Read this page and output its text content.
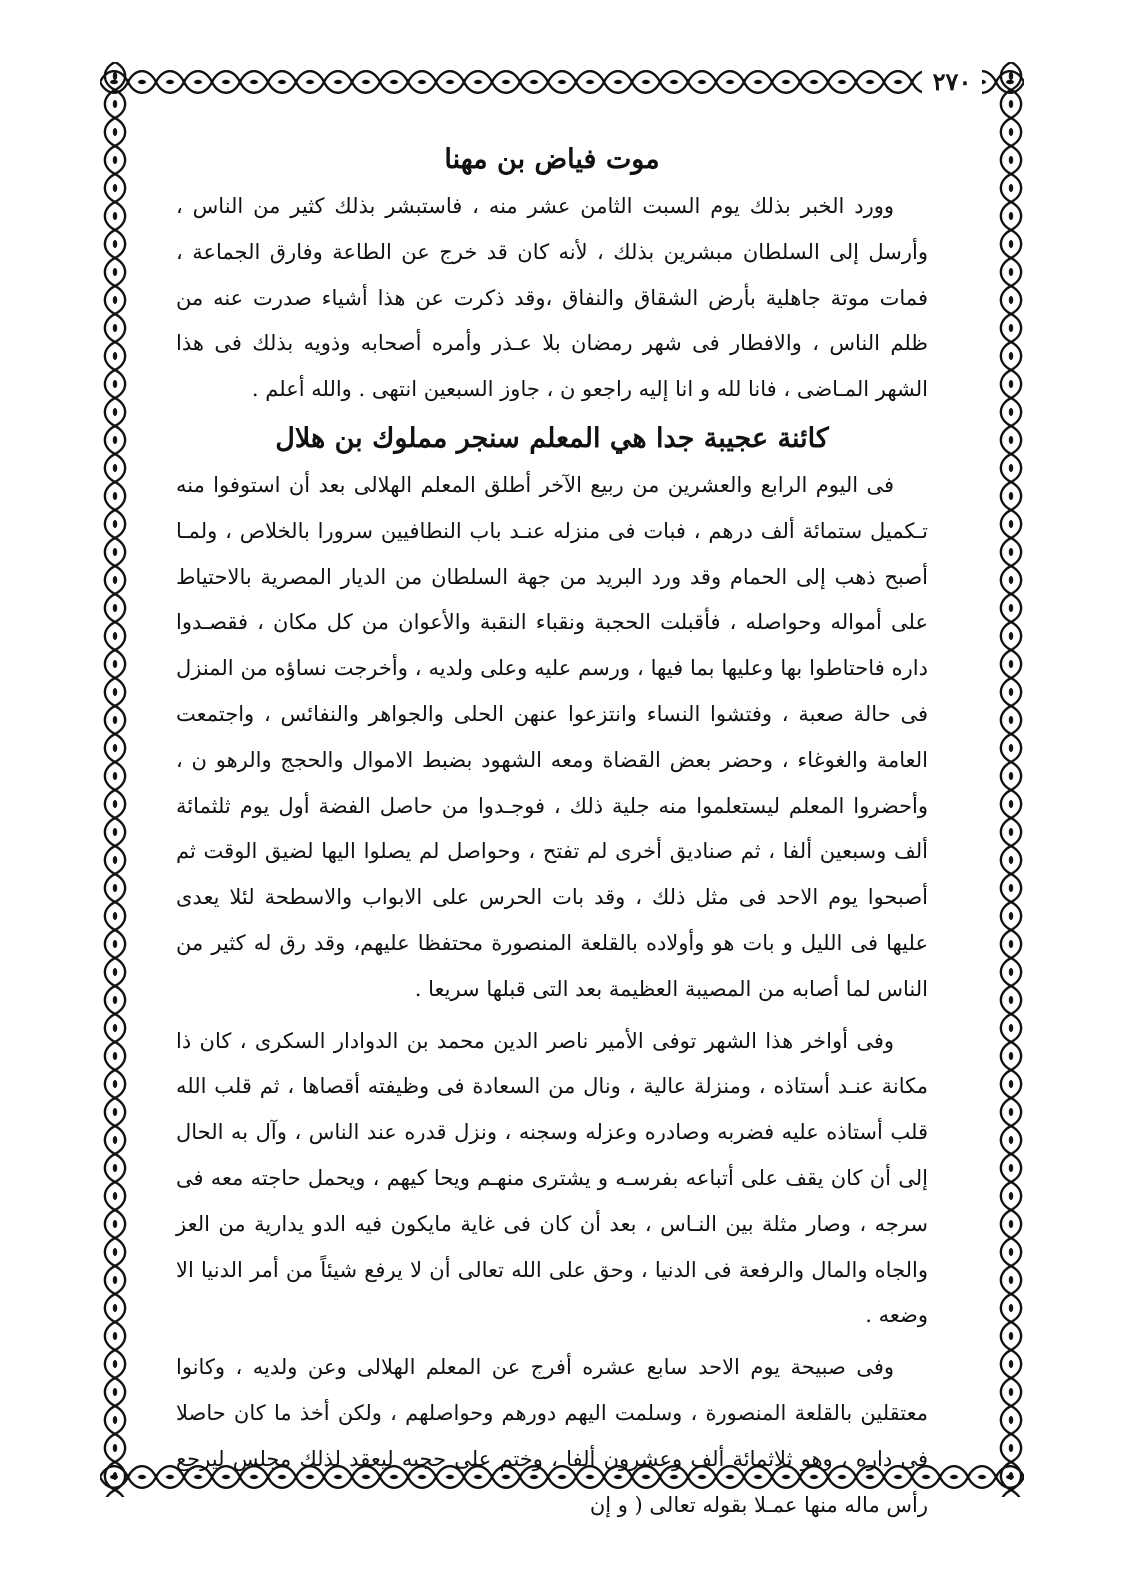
٢٧٠
موت فياض بن مهنا

وورد الخبر بذلك يوم السبت الثامن عشر منه ، فاستبشر بذلك كثير من الناس ، وأرسل إلى السلطان مبشرين بذلك ، لأنه كان قد خرج عن الطاعة وفارق الجماعة ، فمات موتة جاهلية بأرض الشقاق والنفاق ،وقد ذكرت عن هذا أشياء صدرت عنه من ظلم الناس ، والافطار فى شهر رمضان بلا عـذر وأمره أصحابه وذويه بذلك فى هذا الشهر المـاضى ، فانا لله و انا إليه راجعو ن ، جاوز السبعين انتهى . والله أعلم .

كائنة عجيبة جدا هي المعلم سنجر مملوك بن هلال

فى اليوم الرابع والعشرين من ربيع الآخر أطلق المعلم الهلالى بعد أن استوفوا منه تـكميل ستمائة ألف درهم ، فبات فى منزله عنـد باب النطافيين سرورا بالخلاص ، ولمـا أصبح ذهب إلى الحمام وقد ورد البريد من جهة السلطان من الديار المصرية بالاحتياط على أمواله وحواصله ، فأقبلت الحجبة ونقباء النقبة والأعوان من كل مكان ، فقصـدوا داره فاحتاطوا بها وعليها بما فيها ، ورسم عليه وعلى ولديه ، وأخرجت نساؤه من المنزل فى حالة صعبة ، وفتشوا النساء وانتزعوا عنهن الحلى والجواهر والنفائس ، واجتمعت العامة والغوغاء ، وحضر بعض القضاة ومعه الشهود بضبط الاموال والحجج والرهو ن ، وأحضروا المعلم ليستعلموا منه جلية ذلك ، فوجـدوا من حاصل الفضة أول يوم ثلثمائة ألف وسبعين ألفا ، ثم صناديق أخرى لم تفتح ، وحواصل لم يصلوا اليها لضيق الوقت ثم أصبحوا يوم الاحد فى مثل ذلك ، وقد بات الحرس على الابواب والاسطحة لئلا يعدى عليها فى الليل و بات هو وأولاده بالقلعة المنصورة محتفظا عليهم، وقد رق له كثير من الناس لما أصابه من المصيبة العظيمة بعد التى قبلها سريعا .

وفى أواخر هذا الشهر توفى الأمير ناصر الدين محمد بن الدوادار السكرى ، كان ذا مكانة عنـد أستاذه ، ومنزلة عالية ، ونال من السعادة فى وظيفته أقصاها ، ثم قلب الله قلب أستاذه عليه فضربه وصادره وعزله وسجنه ، ونزل قدره عند الناس ، وآل به الحال إلى أن كان يقف على أتباعه بفرسـه و يشترى منهـم ويحا كيهم ، ويحمل حاجته معه فى سرجه ، وصار مثلة بين النـاس ، بعد أن كان فى غاية مايكون فيه الدو يدارية من العز والجاه والمال والرفعة فى الدنيا ، وحق على الله تعالى أن لا يرفع شيئاً من أمر الدنيا الا وضعه .

وفى صبيحة يوم الاحد سابع عشره أفرج عن المعلم الهلالى وعن ولديه ، وكانوا معتقلين بالقلعة المنصورة ، وسلمت اليهم دورهم وحواصلهم ، ولكن أخذ ما كان حاصلا فى داره ، وهو ثلاثمائة ألف وعشرون ألفا ، وختم على حجبه ليعقد لذلك مجلس ليرجع رأس ماله منها عمـلا بقوله تعالى ( و إن
